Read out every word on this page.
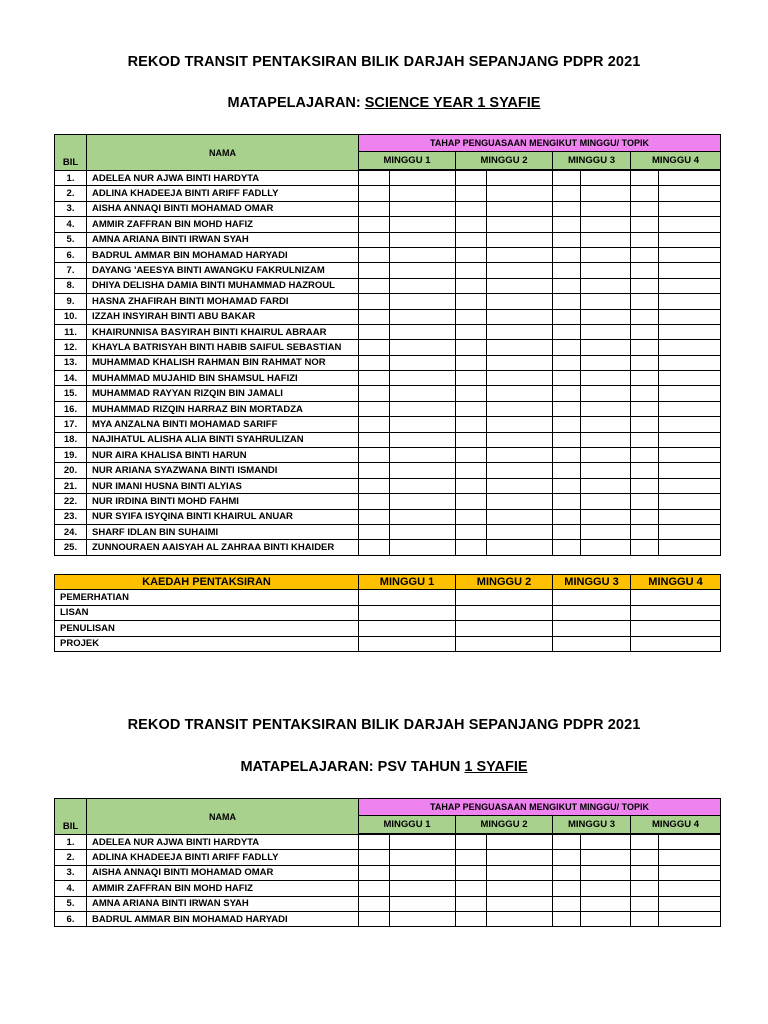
REKOD TRANSIT PENTAKSIRAN BILIK DARJAH SEPANJANG PDPR 2021
MATAPELAJARAN: SCIENCE YEAR 1 SYAFIE
BIL	NAMA	TAHAP PENGUASAAN MENGIKUT MINGGU/ TOPIK							
		MINGGU 1		MINGGU 2		MINGGU 3		MINGGU 4	

1.	ADELEA NUR AJWA BINTI HARDYTA								
2.	ADLINA KHADEEJA BINTI ARIFF FADLLY								
3.	AISHA ANNAQI BINTI MOHAMAD OMAR								
4.	AMMIR ZAFFRAN BIN MOHD HAFIZ								
5.	AMNA ARIANA BINTI IRWAN SYAH								
6.	BADRUL AMMAR BIN MOHAMAD HARYADI								
7.	DAYANG 'AEESYA BINTI AWANGKU FAKRULNIZAM								
8.	DHIYA DELISHA DAMIA BINTI MUHAMMAD HAZROUL								
9.	HASNA ZHAFIRAH BINTI MOHAMAD FARDI								
10.	IZZAH INSYIRAH BINTI ABU BAKAR								
11.	KHAIRUNNISA BASYIRAH BINTI KHAIRUL ABRAAR								
12.	KHAYLA BATRISYAH BINTI HABIB SAIFUL SEBASTIAN								
13.	MUHAMMAD KHALISH RAHMAN BIN RAHMAT NOR								
14.	MUHAMMAD MUJAHID BIN SHAMSUL HAFIZI								
15.	MUHAMMAD RAYYAN RIZQIN BIN JAMALI								
16.	MUHAMMAD RIZQIN HARRAZ BIN MORTADZA								
17.	MYA ANZALNA BINTI MOHAMAD SARIFF								
18.	NAJIHATUL ALISHA ALIA BINTI SYAHRULIZAN								
19.	NUR AIRA KHALISA BINTI HARUN								
20.	NUR ARIANA SYAZWANA BINTI ISMANDI								
21.	NUR IMANI HUSNA BINTI ALYIAS								
22.	NUR IRDINA BINTI MOHD FAHMI								
23.	NUR SYIFA ISYQINA BINTI KHAIRUL ANUAR								
24.	SHARF IDLAN BIN SUHAIMI								
25.	ZUNNOURAEN AAISYAH AL ZAHRAA BINTI KHAIDER								
KAEDAH PENTAKSIRAN	MINGGU 1	MINGGU 2	MINGGU 3	MINGGU 4
PEMERHATIAN				
LISAN				
PENULISAN				
PROJEK				
REKOD TRANSIT PENTAKSIRAN BILIK DARJAH SEPANJANG PDPR 2021
MATAPELAJARAN: PSV TAHUN 1 SYAFIE
BIL	NAMA	TAHAP PENGUASAAN MENGIKUT MINGGU/ TOPIK							
		MINGGU 1		MINGGU 2		MINGGU 3		MINGGU 4	

1.	ADELEA NUR AJWA BINTI HARDYTA								
2.	ADLINA KHADEEJA BINTI ARIFF FADLLY								
3.	AISHA ANNAQI BINTI MOHAMAD OMAR								
4.	AMMIR ZAFFRAN BIN MOHD HAFIZ								
5.	AMNA ARIANA BINTI IRWAN SYAH								
6.	BADRUL AMMAR BIN MOHAMAD HARYADI								
